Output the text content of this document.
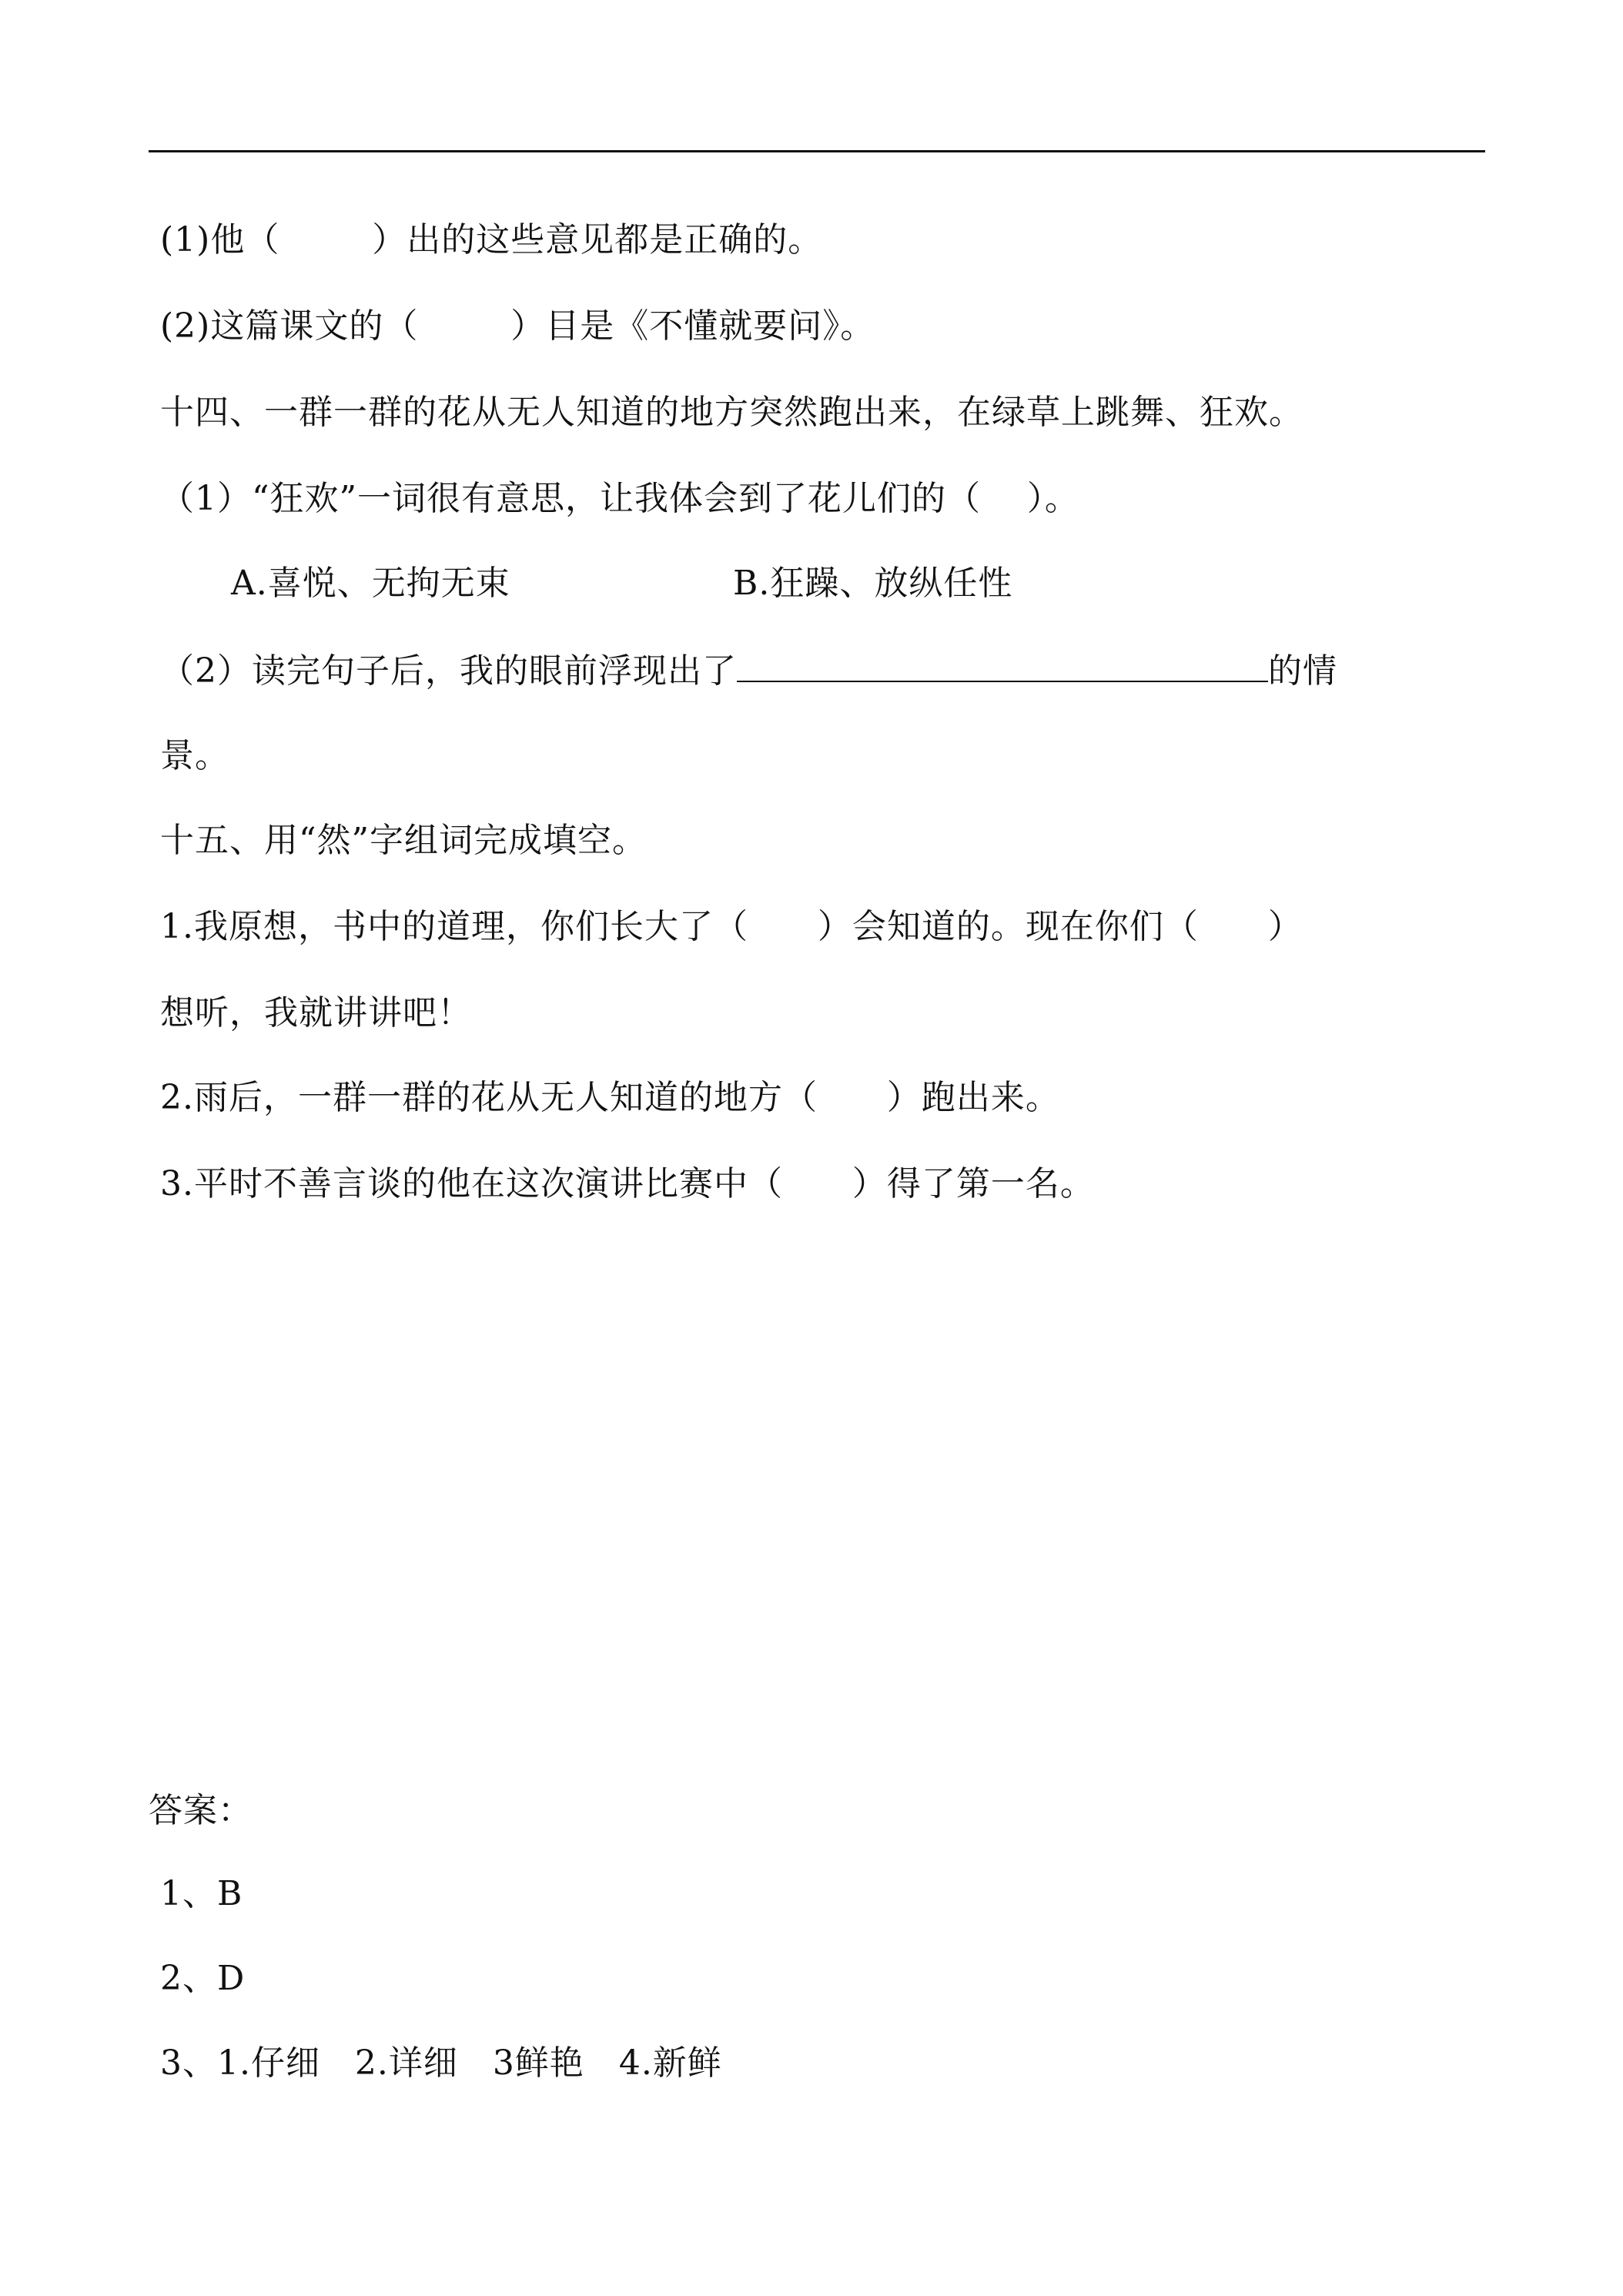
(1)他（        ）出的这些意见都是正确的。
(2)这篇课文的（        ）目是《不懂就要问》。
十四、一群一群的花从无人知道的地方突然跑出来，在绿草上跳舞、狂欢。
（1）“狂欢”一词很有意思，让我体会到了花儿们的（    ）。
A.喜悦、无拘无束	B.狂躁、放纵任性
（2）读完句子后，我的眼前浮现出了	的情
景。
十五、用“然”字组词完成填空。
1.我原想，书中的道理，你们长大了（      ）会知道的。现在你们（      ）
想听，我就讲讲吧！
2.雨后，一群一群的花从无人知道的地方（      ）跑出来。
3.平时不善言谈的他在这次演讲比赛中（      ）得了第一名。
答案：
1、B
2、D
3、1.仔细   2.详细   3鲜艳   4.新鲜
